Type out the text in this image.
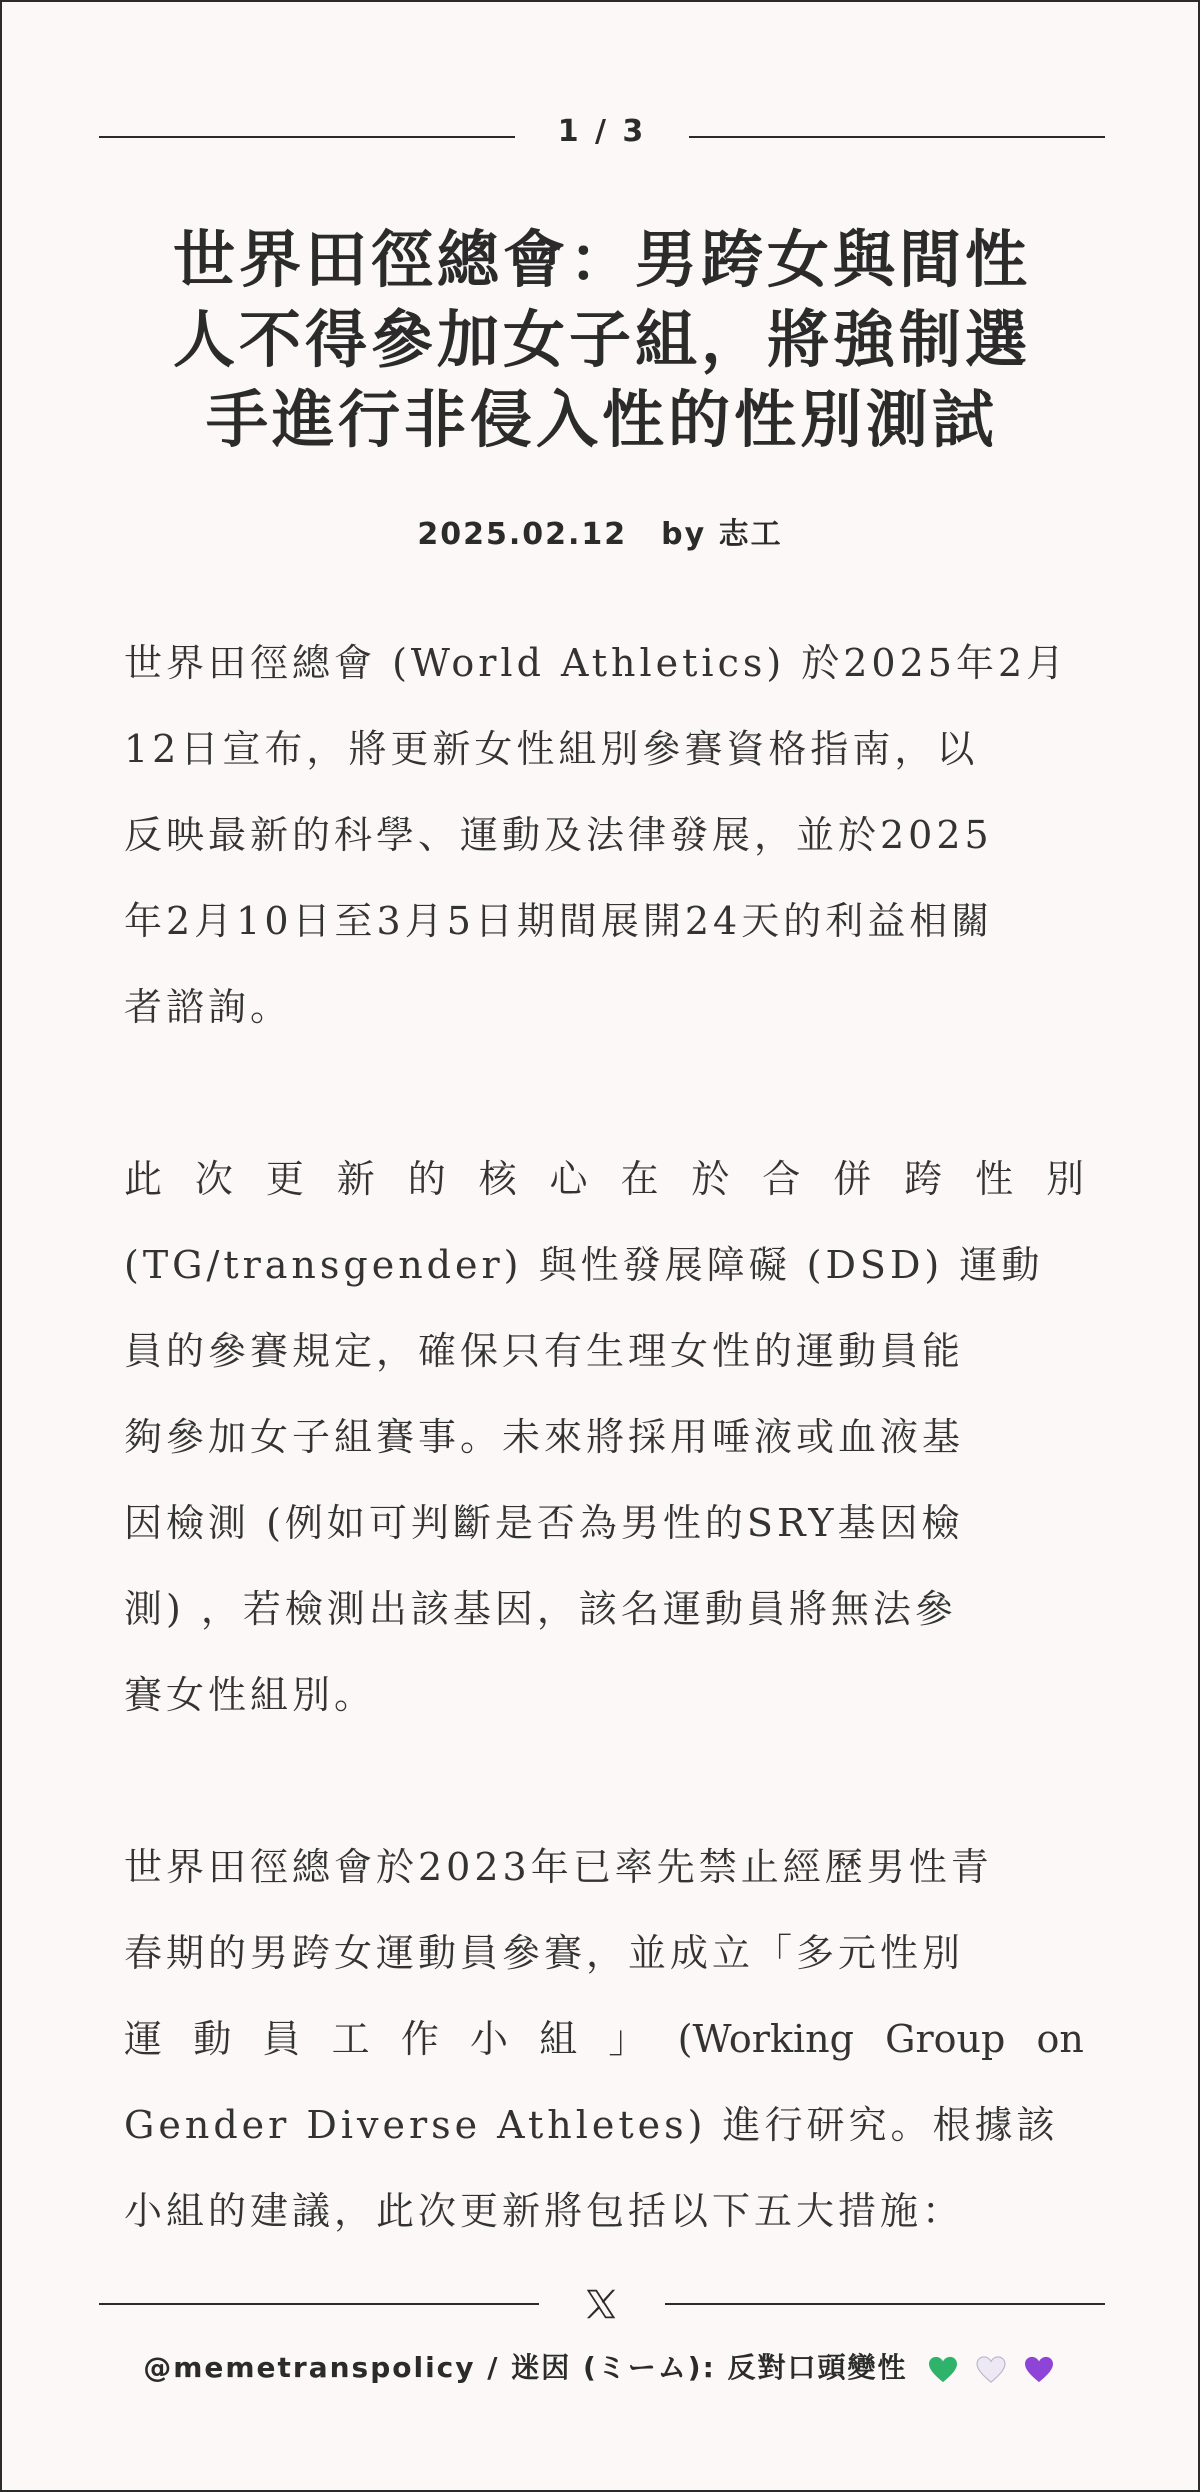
1 / 3
世界田徑總會：男跨女與間性
人不得參加女子組，將強制選
手進行非侵入性的性別測試
2025.02.12 by 志工

世界田徑總會 (World Athletics) 於2025年2月
12日宣布，將更新女性組別參賽資格指南，以
反映最新的科學、運動及法律發展，並於2025
年2月10日至3月5日期間展開24天的利益相關
者諮詢。

此 次 更 新 的 核 心 在 於 合 併 跨 性 別
(TG/transgender) 與性發展障礙 (DSD) 運動
員的參賽規定，確保只有生理女性的運動員能
夠參加女子組賽事。未來將採用唾液或血液基
因檢測 (例如可判斷是否為男性的SRY基因檢
測) ，若檢測出該基因，該名運動員將無法參
賽女性組別。

世界田徑總會於2023年已率先禁止經歷男性青
春期的男跨女運動員參賽，並成立「多元性別
運 動 員 工 作 小 組 」 (Working Group on
Gender Diverse Athletes) 進行研究。根據該
小組的建議，此次更新將包括以下五大措施：

@memetranspolicy / 迷因 (ミーム): 反對口頭變性
